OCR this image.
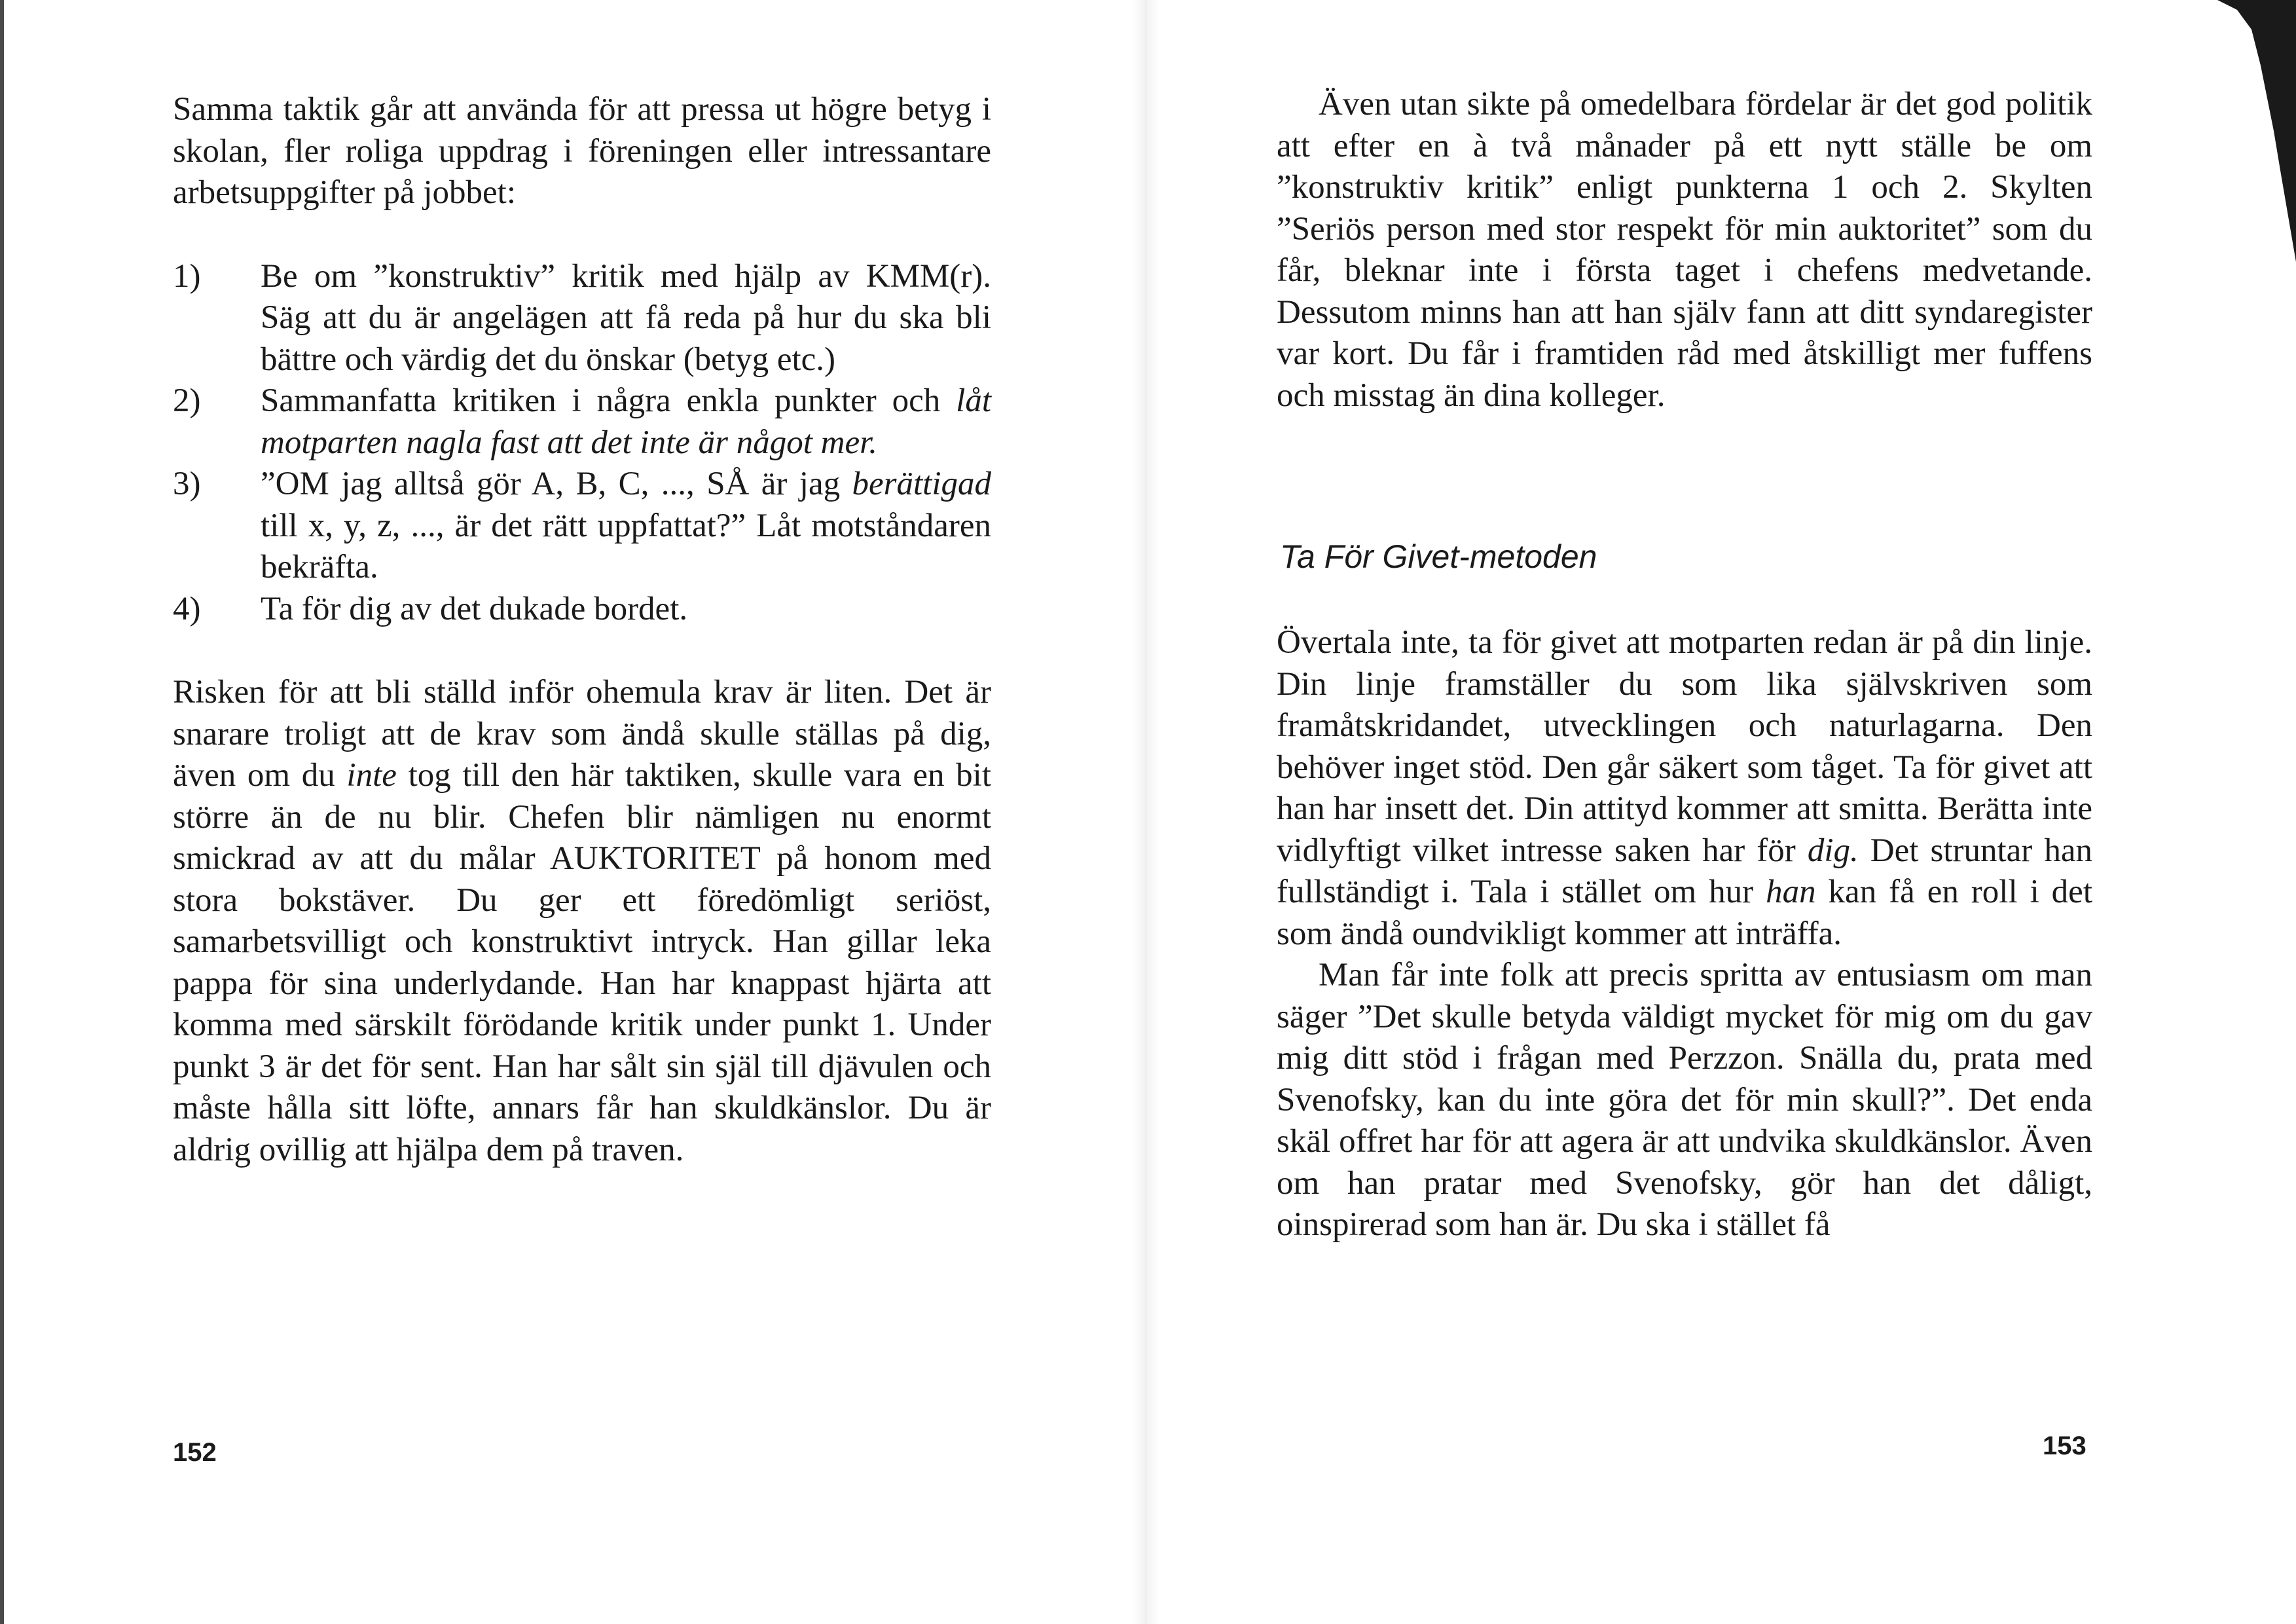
Samma taktik går att använda för att pressa ut högre betyg i skolan, fler roliga uppdrag i föreningen eller intressantare arbetsuppgifter på jobbet:

1)	Be om ”konstruktiv” kritik med hjälp av KMM(r). Säg att du är angelägen att få reda på hur du ska bli bättre och värdig det du önskar (betyg etc.)
2)	Sammanfatta kritiken i några enkla punkter och låt motparten nagla fast att det inte är något mer.
3)	”OM jag alltså gör A, B, C, ..., SÅ är jag berättigad till x, y, z, ..., är det rätt uppfattat?” Låt motståndaren bekräfta.
4)	Ta för dig av det dukade bordet.

Risken för att bli ställd inför ohemula krav är liten. Det är snarare troligt att de krav som ändå skulle ställas på dig, även om du inte tog till den här taktiken, skulle vara en bit större än de nu blir. Chefen blir nämligen nu enormt smickrad av att du målar AUKTORITET på honom med stora bokstäver. Du ger ett föredömligt seriöst, samarbetsvilligt och konstruktivt intryck. Han gillar leka pappa för sina underlydande. Han har knappast hjärta att komma med särskilt förödande kritik under punkt 1. Under punkt 3 är det för sent. Han har sålt sin själ till djävulen och måste hålla sitt löfte, annars får han skuldkänslor. Du är aldrig ovillig att hjälpa dem på traven.

152

Även utan sikte på omedelbara fördelar är det god politik att efter en à två månader på ett nytt ställe be om ”konstruktiv kritik” enligt punkterna 1 och 2. Skylten ”Seriös person med stor respekt för min auktoritet” som du får, bleknar inte i första taget i chefens medvetande. Dessutom minns han att han själv fann att ditt syndaregister var kort. Du får i framtiden råd med åtskilligt mer fuffens och misstag än dina kolleger.

Ta För Givet-metoden

Övertala inte, ta för givet att motparten redan är på din linje. Din linje framställer du som lika självskriven som framåtskridandet, utvecklingen och naturlagarna. Den behöver inget stöd. Den går säkert som tåget. Ta för givet att han har insett det. Din attityd kommer att smitta. Berätta inte vidlyftigt vilket intresse saken har för dig. Det struntar han fullständigt i. Tala i stället om hur han kan få en roll i det som ändå oundvikligt kommer att inträffa.

Man får inte folk att precis spritta av entusiasm om man säger ”Det skulle betyda väldigt mycket för mig om du gav mig ditt stöd i frågan med Perzzon. Snälla du, prata med Svenofsky, kan du inte göra det för min skull?”. Det enda skäl offret har för att agera är att undvika skuldkänslor. Även om han pratar med Svenofsky, gör han det dåligt, oinspirerad som han är. Du ska i stället få

153
